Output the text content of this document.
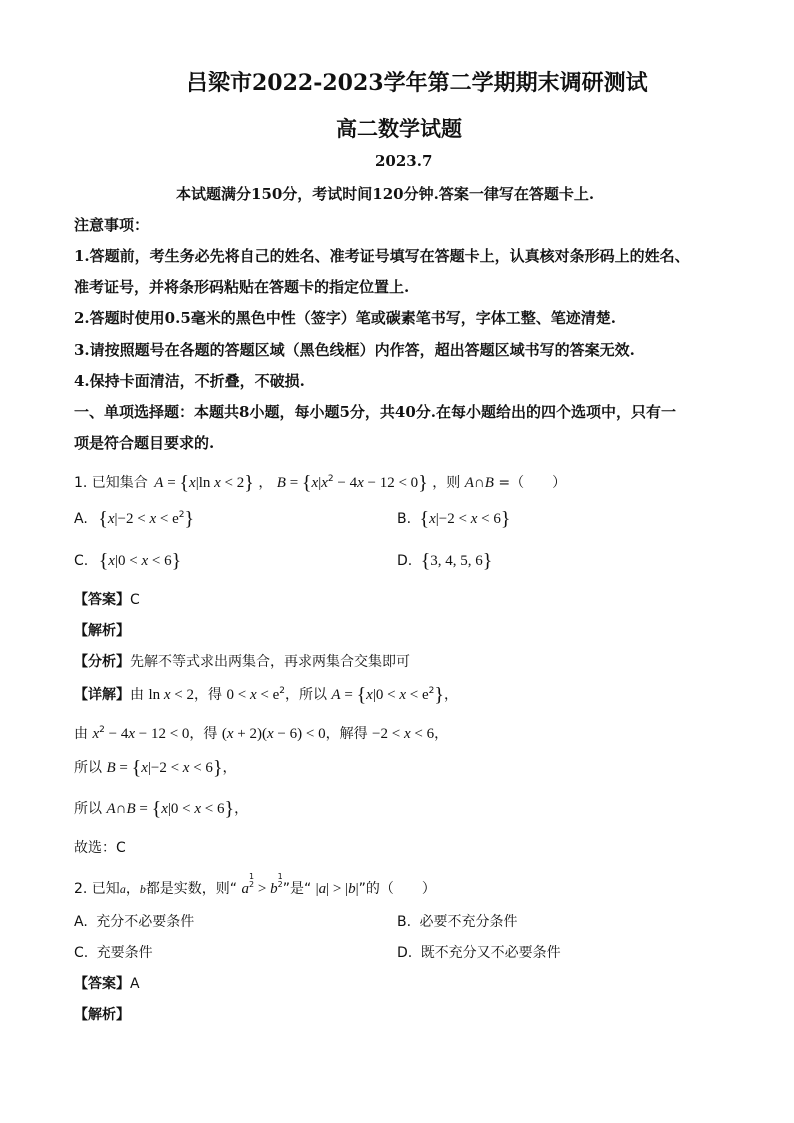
吕梁市2022-2023学年第二学期期末调研测试
高二数学试题
2023.7
本试题满分150分，考试时间120分钟.答案一律写在答题卡上.
注意事项：
1.答题前，考生务必先将自己的姓名、准考证号填写在答题卡上，认真核对条形码上的姓名、
准考证号，并将条形码粘贴在答题卡的指定位置上.
2.答题时使用0.5毫米的黑色中性（签字）笔或碳素笔书写，字体工整、笔迹清楚.
3.请按照题号在各题的答题区域（黑色线框）内作答，超出答题区域书写的答案无效.
4.保持卡面清洁，不折叠，不破损.
一、单项选择题：本题共8小题，每小题5分，共40分.在每小题给出的四个选项中，只有一
项是符合题目要求的.
1. 已知集合 A = {x|ln x < 2} ， $B = \{x|x^2 - 4x - 12 < 0\}$ ，则 A∩B =（　　）
A. $\{x|-2 < x < e^2\}$	B. {x|−2 < x < 6}
C. {x|0 < x < 6}	D. {3, 4, 5, 6}
【答案】C
【解析】
【分析】先解不等式求出两集合，再求两集合交集即可
【详解】由 ln x < 2，得 $0 < x < e^2$，所以 $A = \{x|0 < x < e^2\}$，
由 $x^2 - 4x - 12 < 0$，得 (x + 2)(x − 6) < 0，解得 −2 < x < 6，
所以 B = {x|−2 < x < 6}，
所以 A∩B = {x|0 < x < 6}，
故选：C
2. 已知a，b都是实数，则“ a1
2 > b1
2”是“ |a| > |b|”的（　　）
A. 充分不必要条件	B. 必要不充分条件
C. 充要条件	D. 既不充分又不必要条件
【答案】A
【解析】
